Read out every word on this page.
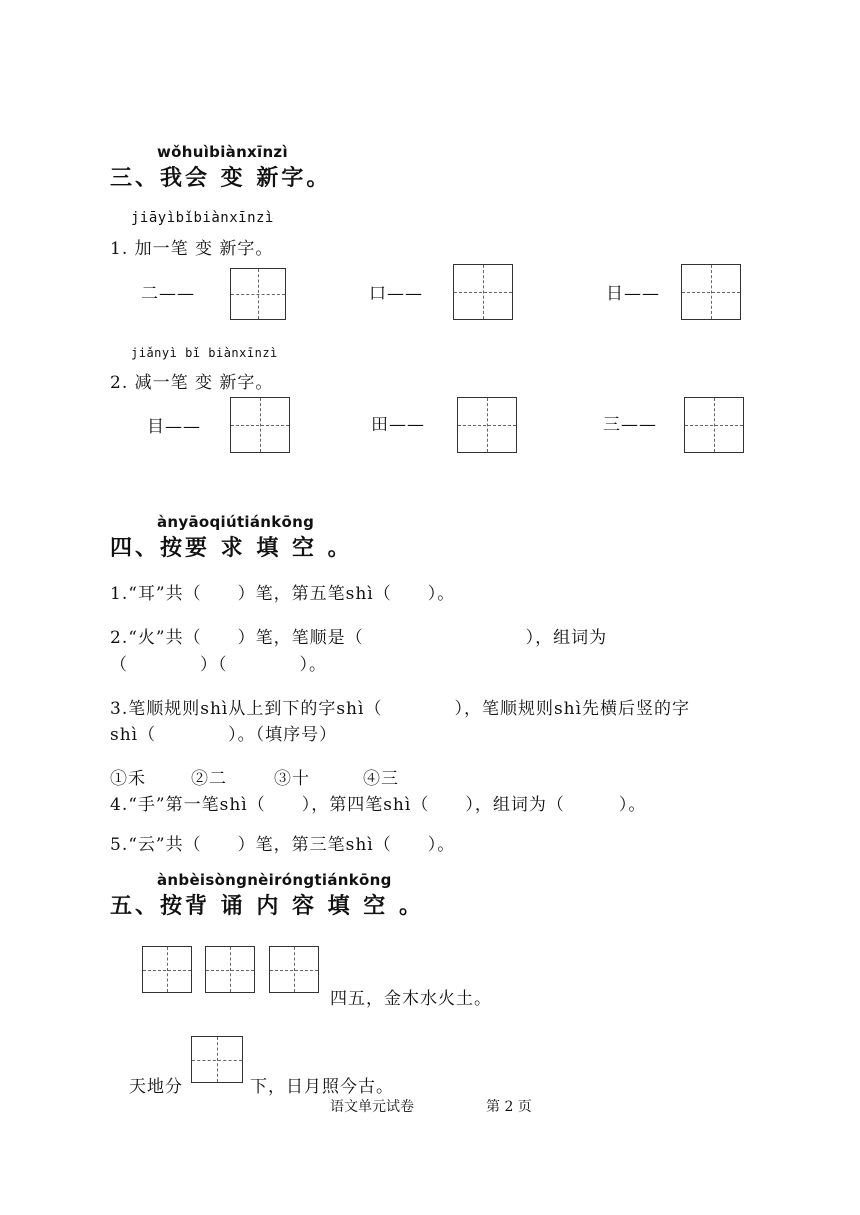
wǒhuìbiànxīnzì
三、我会 变 新字。
jiāyìbǐbiànxīnzì
1. 加一笔 变 新字。
二——	口——	日——
jiǎnyì bǐ biànxīnzì
2. 减一笔 变 新字。
目——	田——	三——
ànyāoqiútiánkōng
四、按要 求 填 空 。
1.“耳”共（　　）笔，第五笔shì（　　）。
2.“火”共（　　）笔，笔顺是（　　　　　　　　　），组词为
（　　　　）（　　　　）。
3.笔顺规则shì从上到下的字shì（　　　　），笔顺规则shì先横后竖的字
shì（　　　　）。（填序号）
①禾	②二	③十	④三
4.“手”第一笔shì（　　），第四笔shì（　　），组词为（　　　）。
5.“云”共（　　）笔，第三笔shì（　　）。
ànbèisòngnèiróngtiánkōng
五、按背 诵 内 容 填 空 。
四五，金木水火土。
天地分	下，日月照今古。
语文单元试卷	第 2 页
